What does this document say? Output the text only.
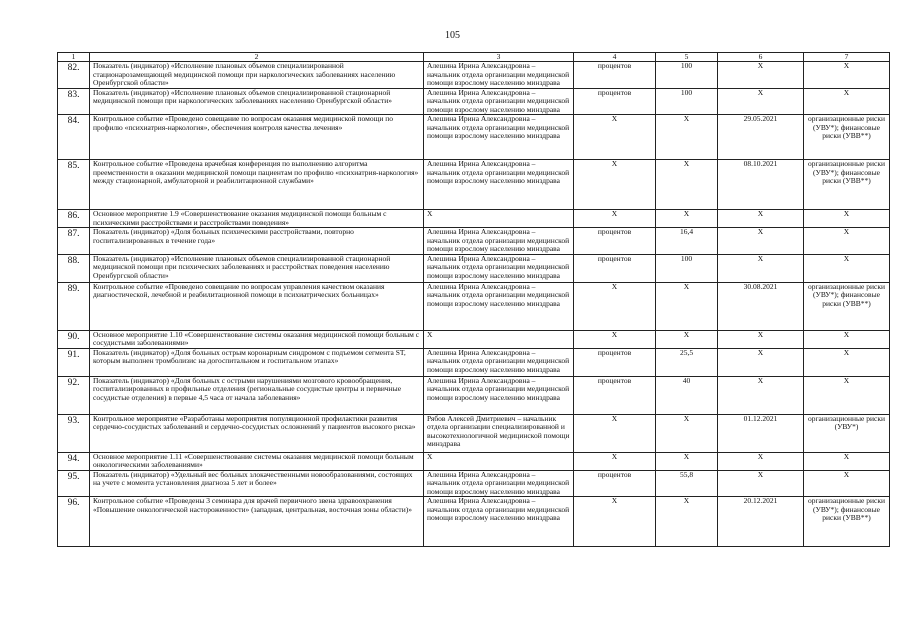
105
1	2	3	4	5	6	7
82.	Показатель (индикатор) «Исполнение плановых объемов специализированной стационарозамещающей медицинской помощи при наркологических заболеваниях населению Оренбургской области»	Алешина Ирина Александровна – начальник отдела организации медицинской помощи взрослому населению минздрава	процентов	100	X	X
83.	Показатель (индикатор) «Исполнение плановых объемов специализированной стационарной медицинской помощи при наркологических заболеваниях населению Оренбургской области»	Алешина Ирина Александровна – начальник отдела организации медицинской помощи взрослому населению минздрава	процентов	100	X	X
84.	Контрольное событие «Проведено совещание по вопросам оказания медицинской помощи по профилю «психиатрия-наркология», обеспечения контроля качества лечения»	Алешина Ирина Александровна – начальник отдела организации медицинской помощи взрослому населению минздрава	X	X	29.05.2021	организационные риски (УВУ*); финансовые риски (УВВ**)
85.	Контрольное событие «Проведена врачебная конференция по выполнению алгоритма преемственности в оказании медицинской помощи пациентам по профилю «психиатрия-наркология» между стационарной, амбулаторной и реабилитационной службами»	Алешина Ирина Александровна – начальник отдела организации медицинской помощи взрослому населению минздрава	X	X	08.10.2021	организационные риски (УВУ*); финансовые риски (УВВ**)
86.	Основное мероприятие 1.9 «Совершенствование оказания медицинской помощи больным с психическими расстройствами и расстройствами поведения»	X	X	X	X	X
87.	Показатель (индикатор) «Доля больных психическими расстройствами, повторно госпитализированных в течение года»	Алешина Ирина Александровна – начальник отдела организации медицинской помощи взрослому населению минздрава	процентов	16,4	X	X
88.	Показатель (индикатор) «Исполнение плановых объемов специализированной стационарной медицинской помощи при психических заболеваниях и расстройствах поведения населению Оренбургской области»	Алешина Ирина Александровна – начальник отдела организации медицинской помощи взрослому населению минздрава	процентов	100	X	X
89.	Контрольное событие «Проведено совещание по вопросам управления качеством оказания диагностической, лечебной и реабилитационной помощи в психиатрических больницах»	Алешина Ирина Александровна – начальник отдела организации медицинской помощи взрослому населению минздрава	X	X	30.08.2021	организационные риски (УВУ*); финансовые риски (УВВ**)
90.	Основное мероприятие 1.10 «Совершенствование системы оказания медицинской помощи больным с сосудистыми заболеваниями»	X	X	X	X	X
91.	Показатель (индикатор) «Доля больных острым коронарным синдромом с подъемом сегмента ST, которым выполнен тромболизис на догоспитальном и госпитальном этапах»	Алешина Ирина Александровна – начальник отдела организации медицинской помощи взрослому населению минздрава	процентов	25,5	X	X
92.	Показатель (индикатор) «Доля больных с острыми нарушениями мозгового кровообращения, госпитализированных в профильные отделения (региональные сосудистые центры и первичные сосудистые отделения) в первые 4,5 часа от начала заболевания»	Алешина Ирина Александровна – начальник отдела организации медицинской помощи взрослому населению минздрава	процентов	40	X	X
93.	Контрольное мероприятие «Разработаны мероприятия популяционной профилактики развития сердечно-сосудистых заболеваний и сердечно-сосудистых осложнений у пациентов высокого риска»	Рябов Алексей Дмитриевич – начальник отдела организации специализированной и высокотехнологичной медицинской помощи минздрава	X	X	01.12.2021	организационные риски (УВУ*)
94.	Основное мероприятие 1.11 «Совершенствование системы оказания медицинской помощи больным онкологическими заболеваниями»	X	X	X	X	X
95.	Показатель (индикатор) «Удельный вес больных злокачественными новообразованиями, состоящих на учете с момента установления диагноза 5 лет и более»	Алешина Ирина Александровна – начальник отдела организации медицинской помощи взрослому населению минздрава	процентов	55,8	X	X
96.	Контрольное событие «Проведены 3 семинара для врачей первичного звена здравоохранения «Повышение онкологической настороженности» (западная, центральная, восточная зоны области)»	Алешина Ирина Александровна – начальник отдела организации медицинской помощи взрослому населению минздрава	X	X	20.12.2021	организационные риски (УВУ*); финансовые риски (УВВ**)
